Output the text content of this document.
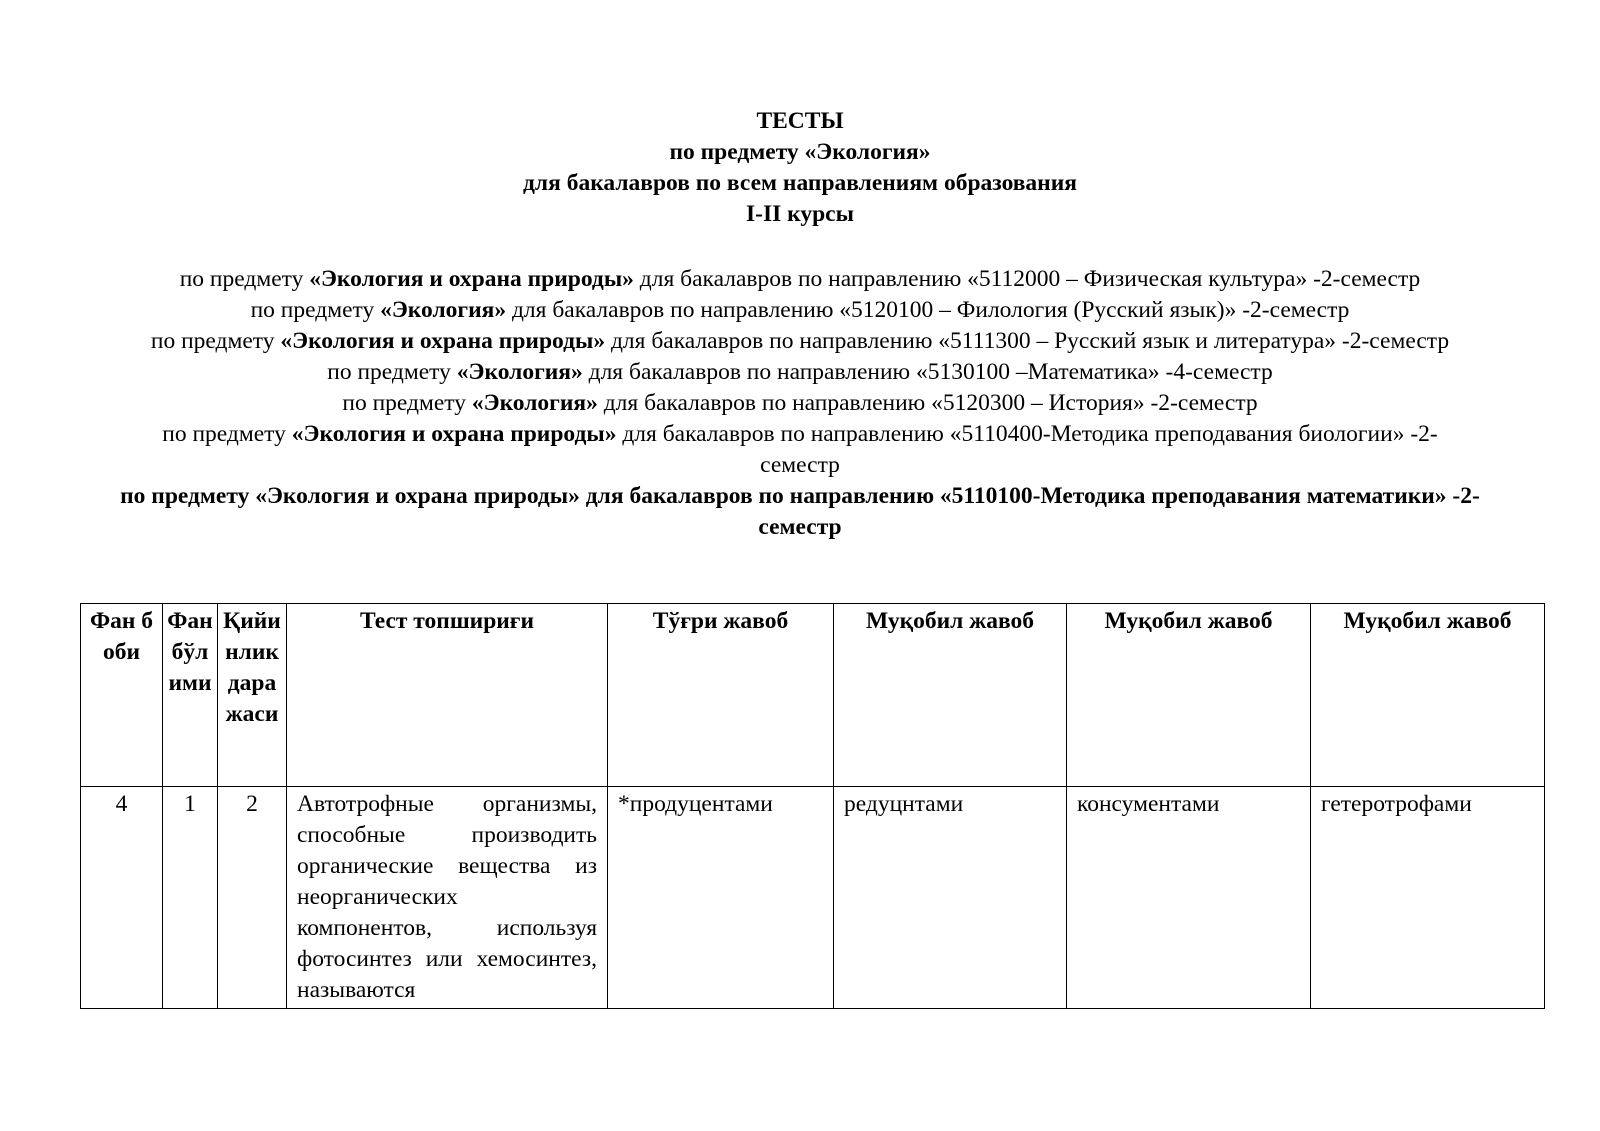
ТЕСТЫ
по предмету «Экология»
для бакалавров по всем направлениям образования
I-II курсы
по предмету «Экология и охрана природы» для бакалавров по направлению «5112000 – Физическая культура» -2-семестр
по предмету «Экология» для бакалавров по направлению «5120100 – Филология (Русский язык)» -2-семестр
по предмету «Экология и охрана природы» для бакалавров по направлению «5111300 – Русский язык и литература» -2-семестр
по предмету «Экология» для бакалавров по направлению «5130100 –Математика» -4-семестр
по предмету «Экология» для бакалавров по направлению «5120300 – История» -2-семестр
по предмету «Экология и охрана природы» для бакалавров по направлению «5110400-Методика преподавания биологии» -2-семестр
по предмету «Экология и охрана природы» для бакалавров по направлению «5110100-Методика преподавания математики» -2-семестр
Фан боби	Фан бўлими	Қийинлик даражаси	Тест топшириғи	Тўғри жавоб	Муқобил жавоб	Муқобил жавоб	Муқобил жавоб
4	1	2	Автотрофные организмы, способные производить органические вещества из неорганических компонентов, используя фотосинтез или хемосинтез, называются	*продуцентами	редуцнтами	консументами	гетеротрофами
